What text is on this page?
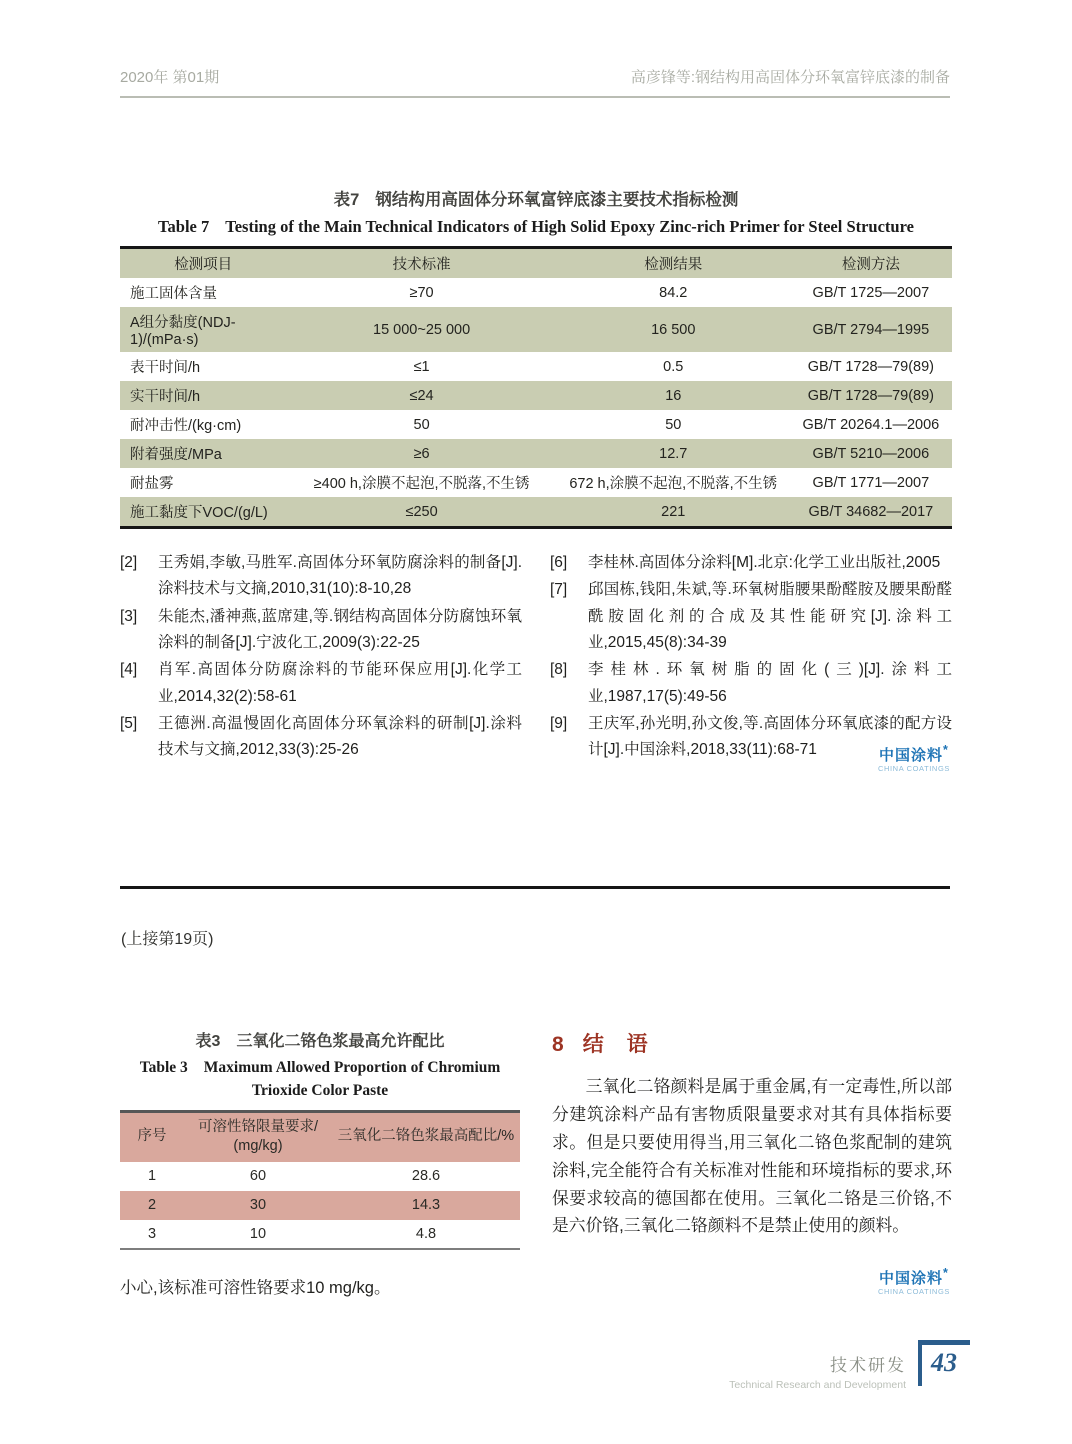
2020年 第01期	高彦锋等:钢结构用高固体分环氧富锌底漆的制备
表7 钢结构用高固体分环氧富锌底漆主要技术指标检测
Table 7 Testing of the Main Technical Indicators of High Solid Epoxy Zinc-rich Primer for Steel Structure
检测项目	技术标准	检测结果	检测方法
施工固体含量	≥70	84.2	GB/T 1725—2007
A组分黏度(NDJ-1)/(mPa·s)	15 000~25 000	16 500	GB/T 2794—1995
表干时间/h	≤1	0.5	GB/T 1728—79(89)
实干时间/h	≤24	16	GB/T 1728—79(89)
耐冲击性/(kg·cm)	50	50	GB/T 20264.1—2006
附着强度/MPa	≥6	12.7	GB/T 5210—2006
耐盐雾	≥400 h,涂膜不起泡,不脱落,不生锈	672 h,涂膜不起泡,不脱落,不生锈	GB/T 1771—2007
施工黏度下VOC/(g/L)	≤250	221	GB/T 34682—2017
[2]	王秀娟,李敏,马胜军.高固体分环氧防腐涂料的制备[J].涂料技术与文摘,2010,31(10):8-10,28
[3]	朱能杰,潘神燕,蓝席建,等.钢结构高固体分防腐蚀环氧涂料的制备[J].宁波化工,2009(3):22-25
[4]	肖军.高固体分防腐涂料的节能环保应用[J].化学工业,2014,32(2):58-61
[5]	王德洲.高温慢固化高固体分环氧涂料的研制[J].涂料技术与文摘,2012,33(3):25-26
[6]	李桂林.高固体分涂料[M].北京:化学工业出版社,2005
[7]	邱国栋,钱阳,朱斌,等.环氧树脂腰果酚醛胺及腰果酚醛酰胺固化剂的合成及其性能研究[J].涂料工业,2015,45(8):34-39
[8]	李桂林.环氧树脂的固化(三)[J].涂料工业,1987,17(5):49-56
[9]	王庆军,孙光明,孙文俊,等.高固体分环氧底漆的配方设计[J].中国涂料,2018,33(11):68-71	中国涂料*
CHINA COATINGS
(上接第19页)
表3 三氧化二铬色浆最高允许配比
Table 3 Maximum Allowed Proportion of Chromium Trioxide Color Paste
序号	可溶性铬限量要求/ (mg/kg)	三氧化二铬色浆最高配比/%
1	60	28.6
2	30	14.3
3	10	4.8
小心,该标准可溶性铬要求10 mg/kg。
8 结　语

三氧化二铬颜料是属于重金属,有一定毒性,所以部分建筑涂料产品有害物质限量要求对其有具体指标要求。但是只要使用得当,用三氧化二铬色浆配制的建筑涂料,完全能符合有关标准对性能和环境指标的要求,环保要求较高的德国都在使用。三氧化二铬是三价铬,不是六价铬,三氧化二铬颜料不是禁止使用的颜料。

中国涂料*
CHINA COATINGS
技术研发
Technical Research and Development
43
